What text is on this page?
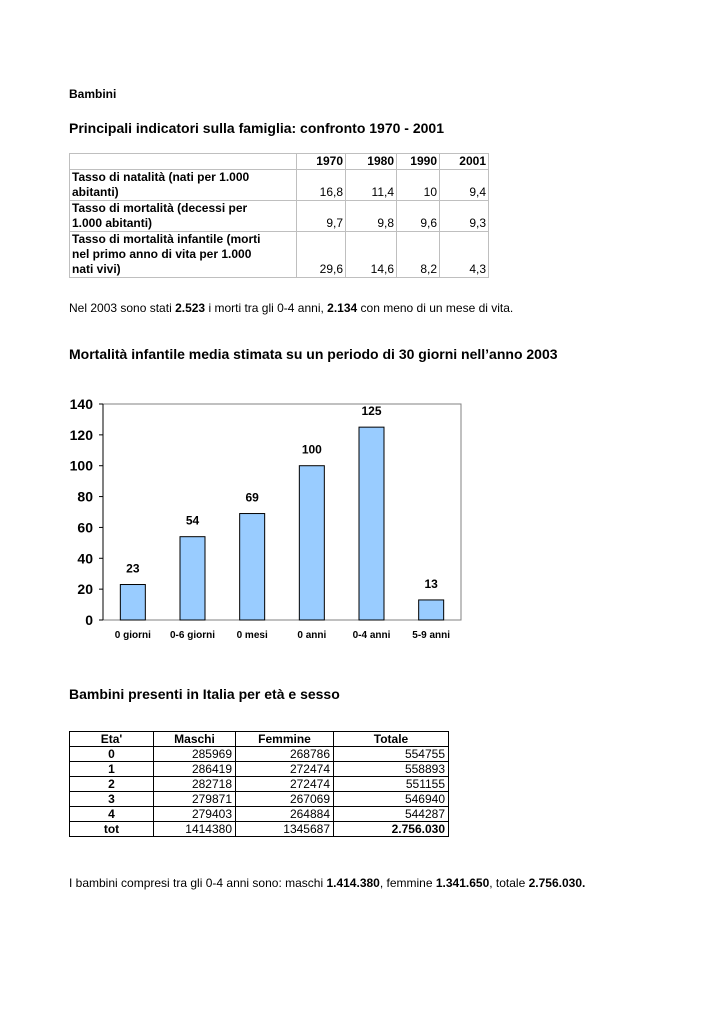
Bambini
Principali indicatori sulla famiglia: confronto 1970 - 2001
	1970	1980	1990	2001

Tasso di natalità (nati per 1.000
abitanti)	16,8	11,4	10	9,4

Tasso di mortalità (decessi per
1.000 abitanti)	9,7	9,8	9,6	9,3

Tasso di mortalità infantile (morti
nel primo anno di vita per 1.000
nati vivi)	29,6	14,6	8,2	4,3
Nel 2003 sono stati 2.523 i morti tra gli 0-4 anni, 2.134 con meno di un mese di vita.
Mortalità infantile media stimata su un periodo di 30 giorni nell’anno 2003
0
20
40
60
80
100
120
140
23
54
69
100
125
13
0 giorni 0-6 giorni 0 mesi	0 anni	0-4 anni 5-9 anni
Bambini presenti in Italia per età e sesso
Eta'	Maschi	Femmine	Totale
0	285969	268786	554755
1	286419	272474	558893
2	282718	272474	551155
3	279871	267069	546940
4	279403	264884	544287
tot	1414380	1345687	2.756.030
I bambini compresi tra gli 0-4 anni sono: maschi 1.414.380, femmine 1.341.650, totale 2.756.030.
